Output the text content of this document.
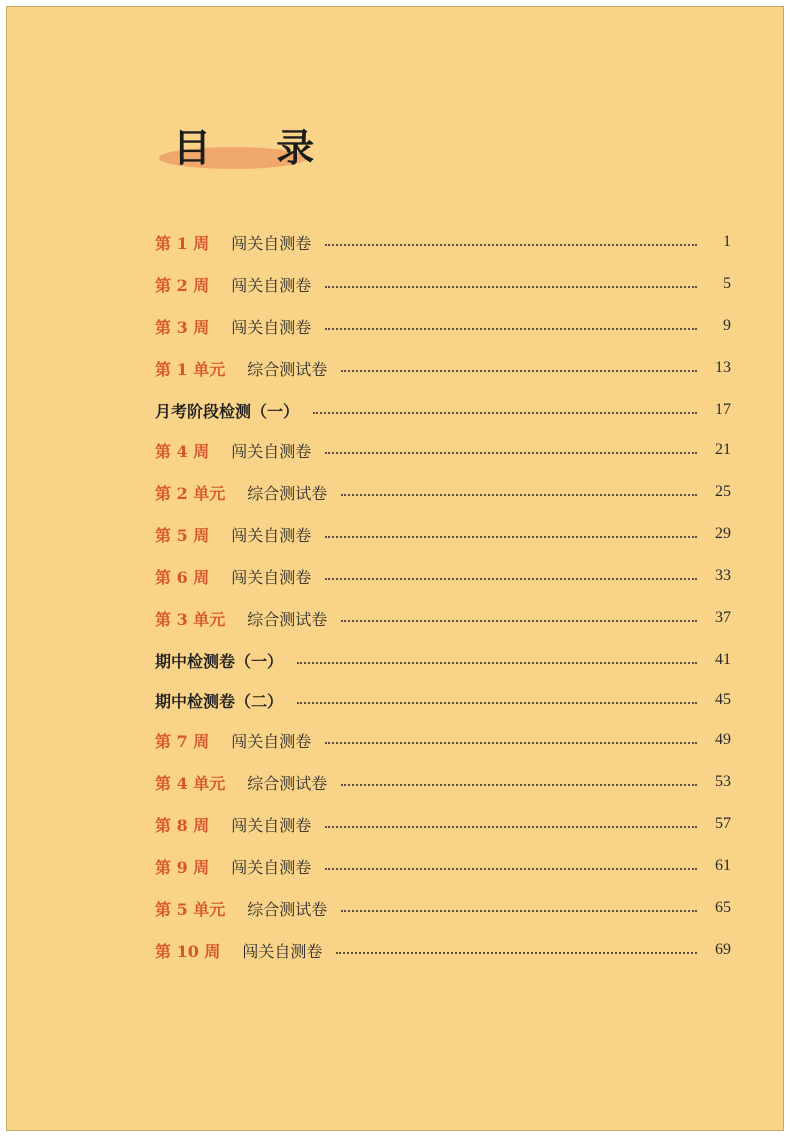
目 录
第 1 周 闯关自测卷	1
第 2 周 闯关自测卷	5
第 3 周 闯关自测卷	9
第 1 单元 综合测试卷	13
月考阶段检测（一）	17
第 4 周 闯关自测卷	21
第 2 单元 综合测试卷	25
第 5 周 闯关自测卷	29
第 6 周 闯关自测卷	33
第 3 单元 综合测试卷	37
期中检测卷（一）	41
期中检测卷（二）	45
第 7 周 闯关自测卷	49
第 4 单元 综合测试卷	53
第 8 周 闯关自测卷	57
第 9 周 闯关自测卷	61
第 5 单元 综合测试卷	65
第 10 周 闯关自测卷	69
